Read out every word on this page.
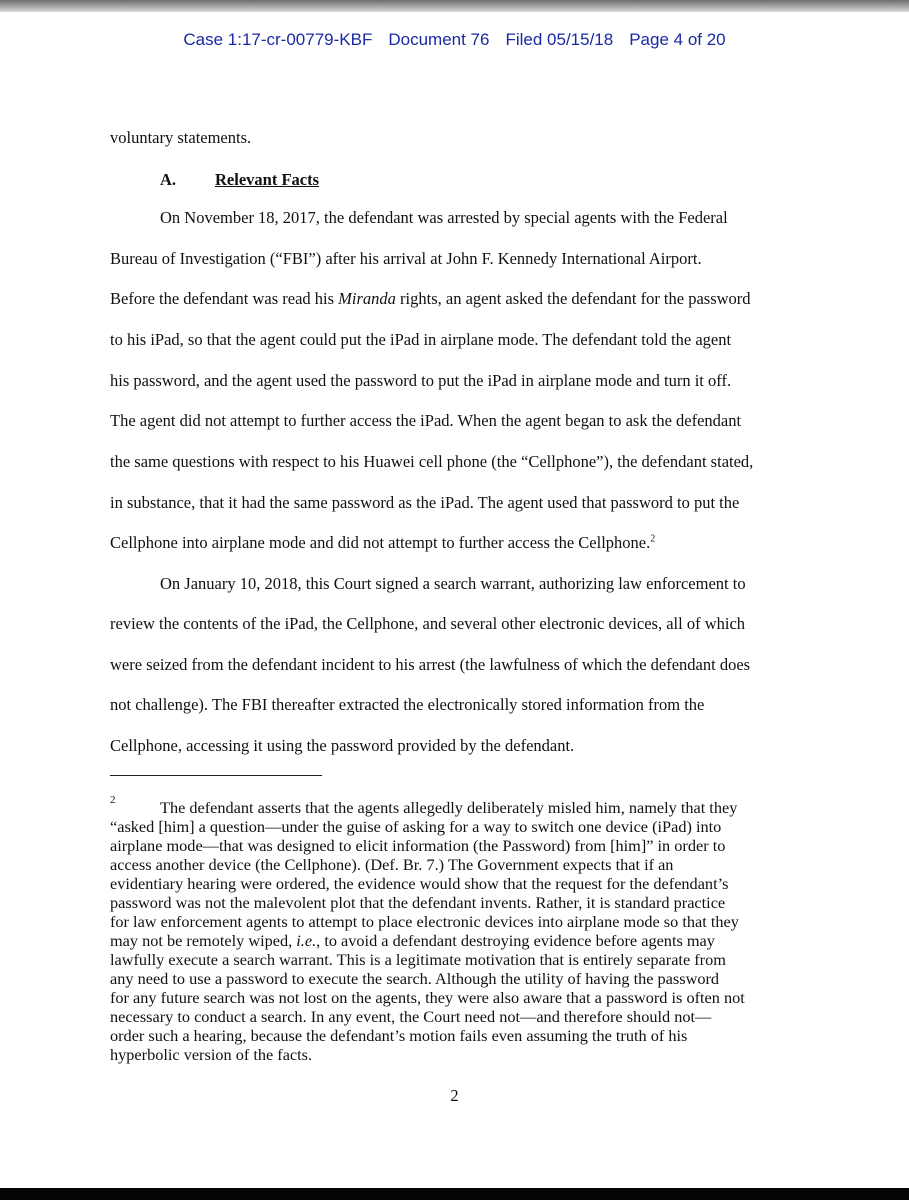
Case 1:17-cr-00779-KBF Document 76 Filed 05/15/18 Page 4 of 20
voluntary statements.
A. Relevant Facts
On November 18, 2017, the defendant was arrested by special agents with the Federal
Bureau of Investigation (“FBI”) after his arrival at John F. Kennedy International Airport.
Before the defendant was read his Miranda rights, an agent asked the defendant for the password
to his iPad, so that the agent could put the iPad in airplane mode. The defendant told the agent
his password, and the agent used the password to put the iPad in airplane mode and turn it off.
The agent did not attempt to further access the iPad. When the agent began to ask the defendant
the same questions with respect to his Huawei cell phone (the “Cellphone”), the defendant stated,
in substance, that it had the same password as the iPad. The agent used that password to put the
Cellphone into airplane mode and did not attempt to further access the Cellphone.$^2$
On January 10, 2018, this Court signed a search warrant, authorizing law enforcement to
review the contents of the iPad, the Cellphone, and several other electronic devices, all of which
were seized from the defendant incident to his arrest (the lawfulness of which the defendant does
not challenge). The FBI thereafter extracted the electronically stored information from the
Cellphone, accessing it using the password provided by the defendant.
2	The defendant asserts that the agents allegedly deliberately misled him, namely that they
“asked [him] a question—under the guise of asking for a way to switch one device (iPad) into
airplane mode—that was designed to elicit information (the Password) from [him]” in order to
access another device (the Cellphone). (Def. Br. 7.) The Government expects that if an
evidentiary hearing were ordered, the evidence would show that the request for the defendant’s
password was not the malevolent plot that the defendant invents. Rather, it is standard practice
for law enforcement agents to attempt to place electronic devices into airplane mode so that they
may not be remotely wiped, i.e., to avoid a defendant destroying evidence before agents may
lawfully execute a search warrant. This is a legitimate motivation that is entirely separate from
any need to use a password to execute the search. Although the utility of having the password
for any future search was not lost on the agents, they were also aware that a password is often not
necessary to conduct a search. In any event, the Court need not—and therefore should not—
order such a hearing, because the defendant’s motion fails even assuming the truth of his
hyperbolic version of the facts.
2
